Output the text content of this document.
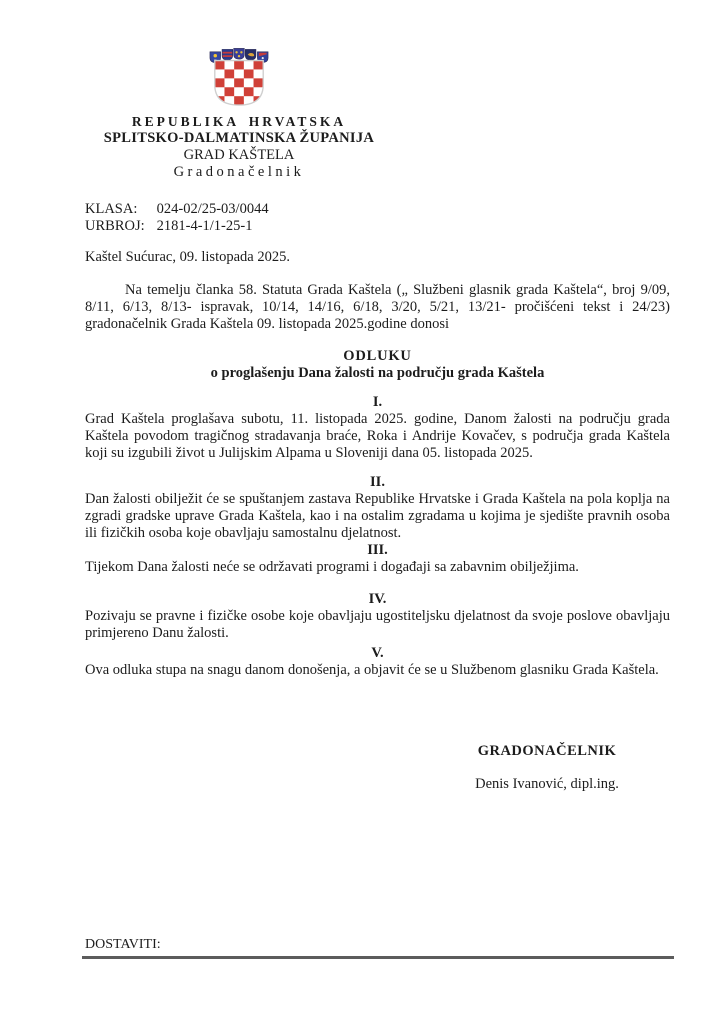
REPUBLIKA HRVATSKA
SPLITSKO-DALMATINSKA ŽUPANIJA
GRAD KAŠTELA
Gradonačelnik
KLASA: 024-02/25-03/0044
URBROJ: 2181-4-1/1-25-1
Kaštel Sućurac, 09. listopada 2025.

Na temelju članka 58. Statuta Grada Kaštela („ Službeni glasnik grada Kaštela“, broj 9/09, 8/11, 6/13, 8/13- ispravak, 10/14, 14/16, 6/18, 3/20, 5/21, 13/21- pročišćeni tekst i 24/23) gradonačelnik Grada Kaštela 09. listopada 2025.godine donosi

ODLUKU
o proglašenju Dana žalosti na području grada Kaštela
I.

Grad Kaštela proglašava subotu, 11. listopada 2025. godine, Danom žalosti na području grada Kaštela povodom tragičnog stradavanja braće, Roka i Andrije Kovačev, s područja grada Kaštela koji su izgubili život u Julijskim Alpama u Sloveniji dana 05. listopada 2025.

II.

Dan žalosti obilježit će se spuštanjem zastava Republike Hrvatske i Grada Kaštela na pola koplja na zgradi gradske uprave Grada Kaštela, kao i na ostalim zgradama u kojima je sjedište pravnih osoba ili fizičkih osoba koje obavljaju samostalnu djelatnost.

III.

Tijekom Dana žalosti neće se održavati programi i događaji sa zabavnim obilježjima.

IV.

Pozivaju se pravne i fizičke osobe koje obavljaju ugostiteljsku djelatnost da svoje poslove obavljaju primjereno Danu žalosti.

V.

Ova odluka stupa na snagu danom donošenja, a objavit će se u Službenom glasniku Grada Kaštela.

GRADONAČELNIK
Denis Ivanović, dipl.ing.
DOSTAVITI:
